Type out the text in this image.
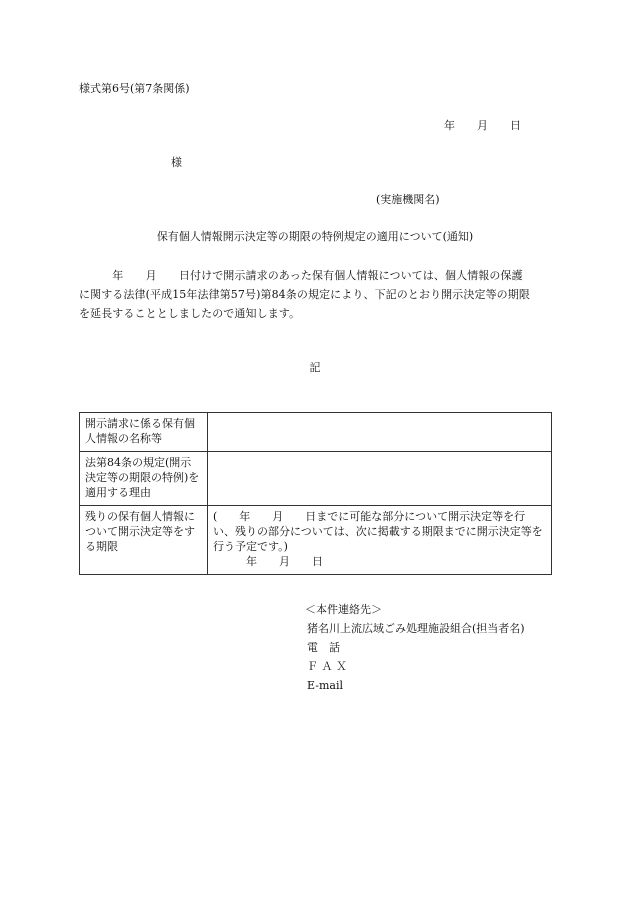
様式第6号(第7条関係)
年　　月　　日
様
(実施機関名)
保有個人情報開示決定等の期限の特例規定の適用について(通知)

　　　年　　月　　日付けで開示請求のあった保有個人情報については、個人情報の保護

に関する法律(平成15年法律第57号)第84条の規定により、下記のとおり開示決定等の期限

を延長することとしましたので通知します。

記
開示請求に係る保有個人情報の名称等	

法第84条の規定(開示決定等の期限の特例)を適用する理由	

残りの保有個人情報について開示決定等をする期限	(　　年　　月　　日までに可能な部分について開示決定等を行い、残りの部分については、次に掲載する期限までに開示決定等を行う予定です。)
　　　年　　月　　日
＜本件連絡先＞
猪名川上流広域ごみ処理施設組合(担当者名)
電　話
Ｆ Ａ Ｘ
E-mail
